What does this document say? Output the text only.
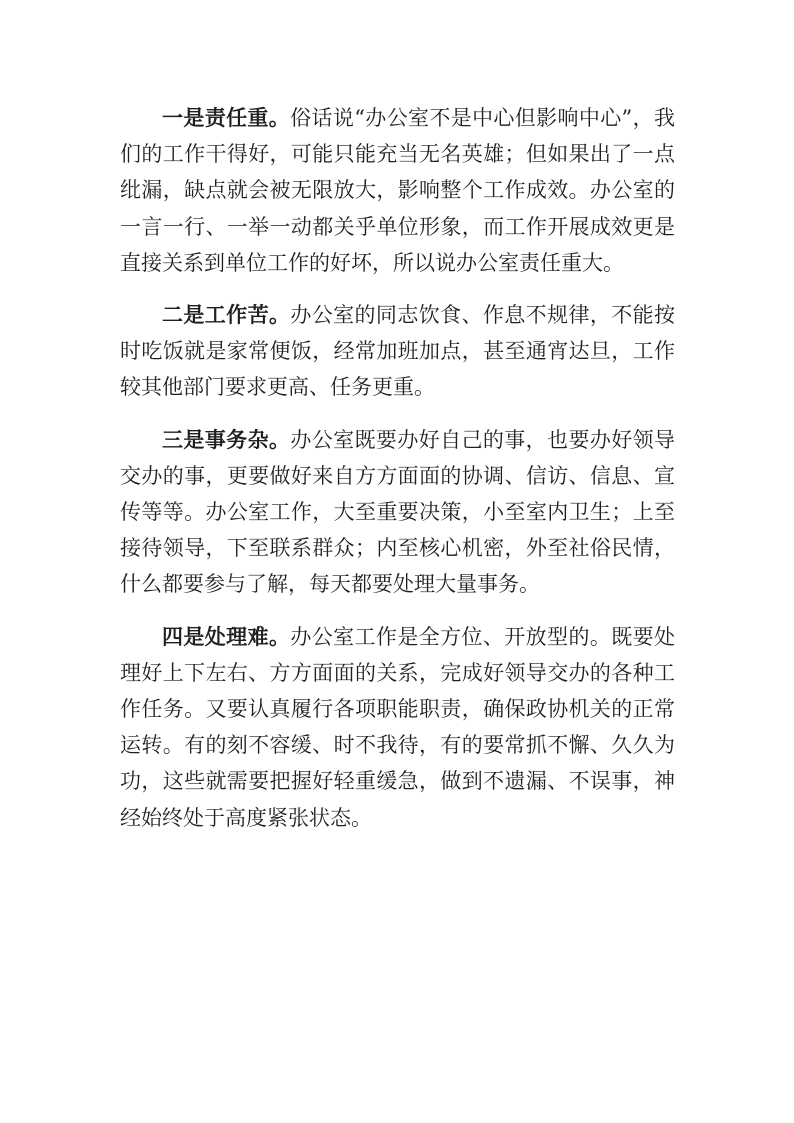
一是责任重。俗话说“办公室不是中心但影响中心”，我们的工作干得好，可能只能充当无名英雄；但如果出了一点纰漏，缺点就会被无限放大，影响整个工作成效。办公室的一言一行、一举一动都关乎单位形象，而工作开展成效更是直接关系到单位工作的好坏，所以说办公室责任重大。

二是工作苦。办公室的同志饮食、作息不规律，不能按时吃饭就是家常便饭，经常加班加点，甚至通宵达旦，工作较其他部门要求更高、任务更重。

三是事务杂。办公室既要办好自己的事，也要办好领导交办的事，更要做好来自方方面面的协调、信访、信息、宣传等等。办公室工作，大至重要决策，小至室内卫生；上至接待领导，下至联系群众；内至核心机密，外至社俗民情，什么都要参与了解，每天都要处理大量事务。

四是处理难。办公室工作是全方位、开放型的。既要处理好上下左右、方方面面的关系，完成好领导交办的各种工作任务。又要认真履行各项职能职责，确保政协机关的正常运转。有的刻不容缓、时不我待，有的要常抓不懈、久久为功，这些就需要把握好轻重缓急，做到不遗漏、不误事，神经始终处于高度紧张状态。
